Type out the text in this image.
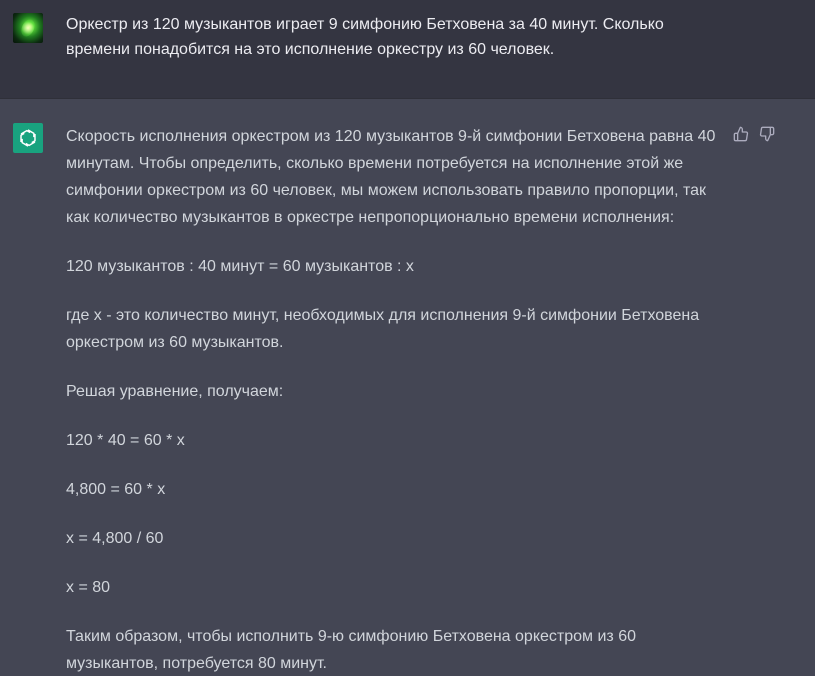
Оркестр из 120 музыкантов играет 9 симфонию Бетховена за 40 минут. Сколько времени понадобится на это исполнение оркестру из 60 человек.

Скорость исполнения оркестром из 120 музыкантов 9-й симфонии Бетховена равна 40 минутам. Чтобы определить, сколько времени потребуется на исполнение этой же симфонии оркестром из 60 человек, мы можем использовать правило пропорции, так как количество музыкантов в оркестре непропорционально времени исполнения:

120 музыкантов : 40 минут = 60 музыкантов : x

где x - это количество минут, необходимых для исполнения 9-й симфонии Бетховена оркестром из 60 музыкантов.

Решая уравнение, получаем:

120 * 40 = 60 * x

4,800 = 60 * x

x = 4,800 / 60

x = 80

Таким образом, чтобы исполнить 9-ю симфонию Бетховена оркестром из 60 музыкантов, потребуется 80 минут.
